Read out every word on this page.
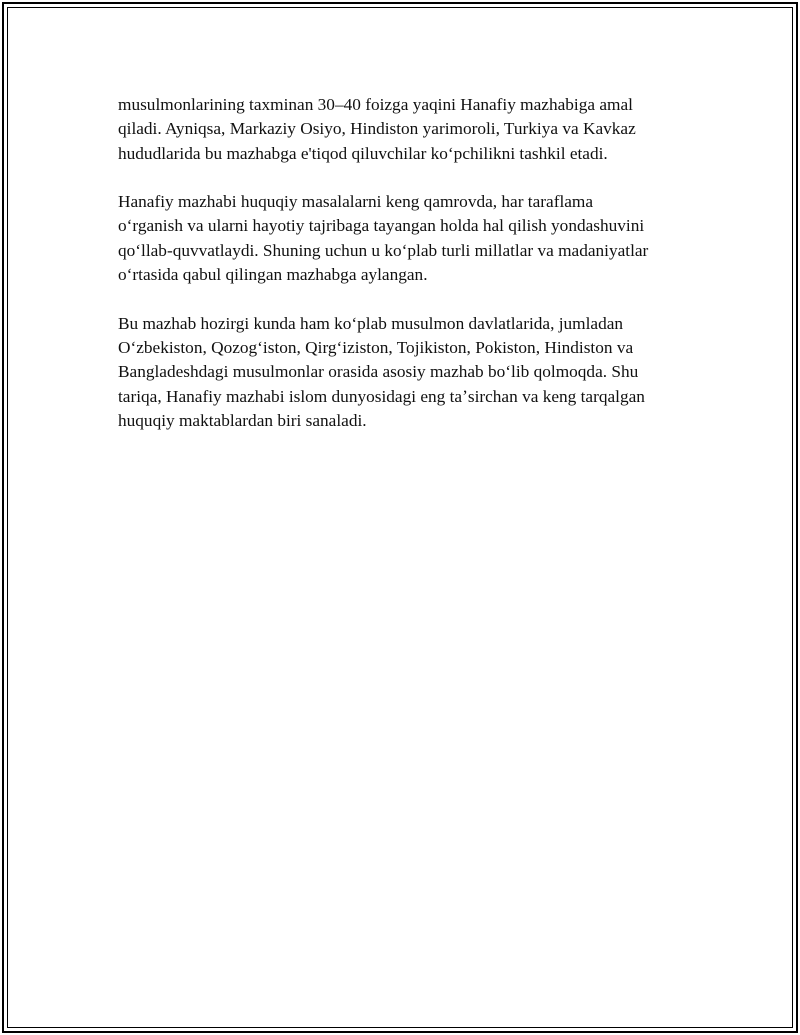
musulmonlarining taxminan 30–40 foizga yaqini Hanafiy mazhabiga amal
qiladi. Ayniqsa, Markaziy Osiyo, Hindiston yarimoroli, Turkiya va Kavkaz
hududlarida bu mazhabga e'tiqod qiluvchilar koʻpchilikni tashkil etadi.

Hanafiy mazhabi huquqiy masalalarni keng qamrovda, har taraflama
oʻrganish va ularni hayotiy tajribaga tayangan holda hal qilish yondashuvini
qoʻllab-quvvatlaydi. Shuning uchun u koʻplab turli millatlar va madaniyatlar
oʻrtasida qabul qilingan mazhabga aylangan.

Bu mazhab hozirgi kunda ham koʻplab musulmon davlatlarida, jumladan
Oʻzbekiston, Qozogʻiston, Qirgʻiziston, Tojikiston, Pokiston, Hindiston va
Bangladeshdagi musulmonlar orasida asosiy mazhab boʻlib qolmoqda. Shu
tariqa, Hanafiy mazhabi islom dunyosidagi eng taʼsirchan va keng tarqalgan
huquqiy maktablardan biri sanaladi.
